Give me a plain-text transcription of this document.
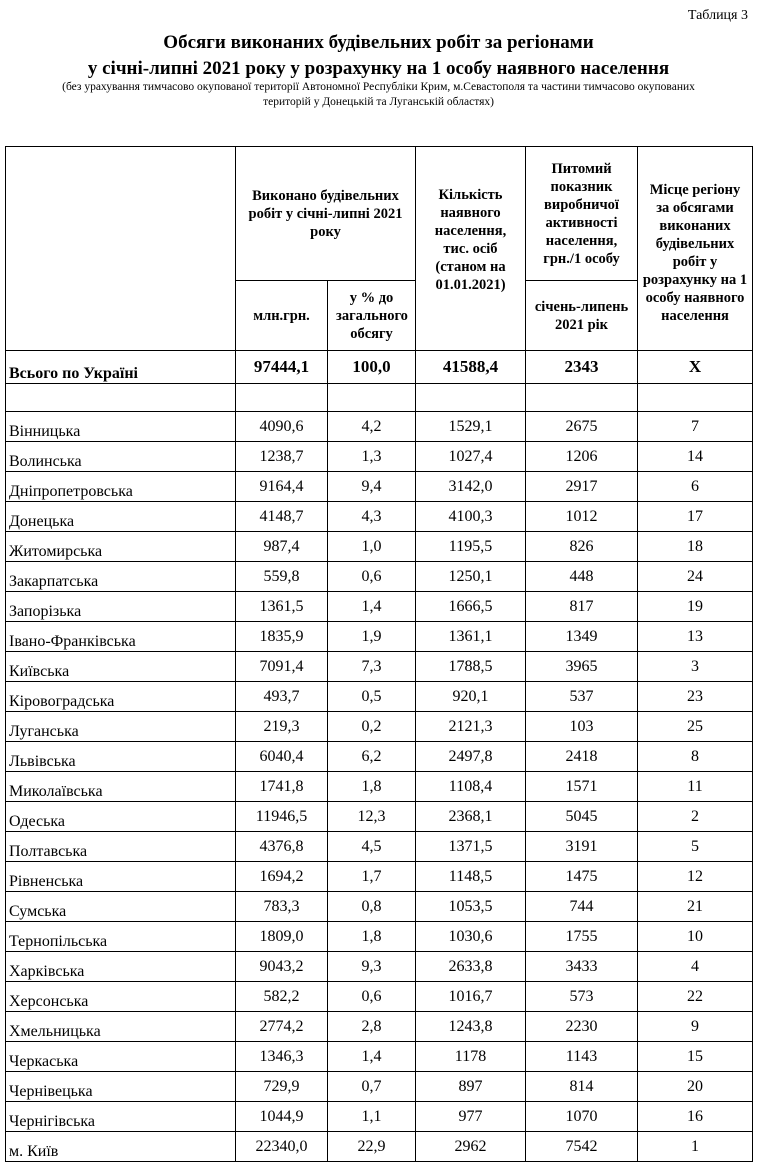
Таблиця 3
Обсяги виконаних будівельних робіт за регіонами
у січні-липні 2021 року у розрахунку на 1 особу наявного населення
(без урахування тимчасово окупованої території Автономної Республіки Крим, м.Севастополя та частини тимчасово окупованих
територій у Донецькій та Луганській областях)
	Виконано будівельних робіт у січні-липні 2021 року		Кількість наявного населення, тис. осіб (станом на 01.01.2021)	Питомий показник виробничої активності населення, грн./1 особу	Місце регіону за обсягами виконаних будівельних робіт у розрахунку на 1 особу наявного населення
	млн.грн.	у % до загального обсягу		січень-липень 2021 рік	
Всього по Україні	97444,1	100,0	41588,4	2343	Х

Вінницька	4090,6	4,2	1529,1	2675	7
Волинська	1238,7	1,3	1027,4	1206	14
Дніпропетровська	9164,4	9,4	3142,0	2917	6
Донецька	4148,7	4,3	4100,3	1012	17
Житомирська	987,4	1,0	1195,5	826	18
Закарпатська	559,8	0,6	1250,1	448	24
Запорізька	1361,5	1,4	1666,5	817	19
Івано-Франківська	1835,9	1,9	1361,1	1349	13
Київська	7091,4	7,3	1788,5	3965	3
Кіровоградська	493,7	0,5	920,1	537	23
Луганська	219,3	0,2	2121,3	103	25
Львівська	6040,4	6,2	2497,8	2418	8
Миколаївська	1741,8	1,8	1108,4	1571	11
Одеська	11946,5	12,3	2368,1	5045	2
Полтавська	4376,8	4,5	1371,5	3191	5
Рівненська	1694,2	1,7	1148,5	1475	12
Сумська	783,3	0,8	1053,5	744	21
Тернопільська	1809,0	1,8	1030,6	1755	10
Харківська	9043,2	9,3	2633,8	3433	4
Херсонська	582,2	0,6	1016,7	573	22
Хмельницька	2774,2	2,8	1243,8	2230	9
Черкаська	1346,3	1,4	1178	1143	15
Чернівецька	729,9	0,7	897	814	20
Чернігівська	1044,9	1,1	977	1070	16
м. Київ	22340,0	22,9	2962	7542	1
